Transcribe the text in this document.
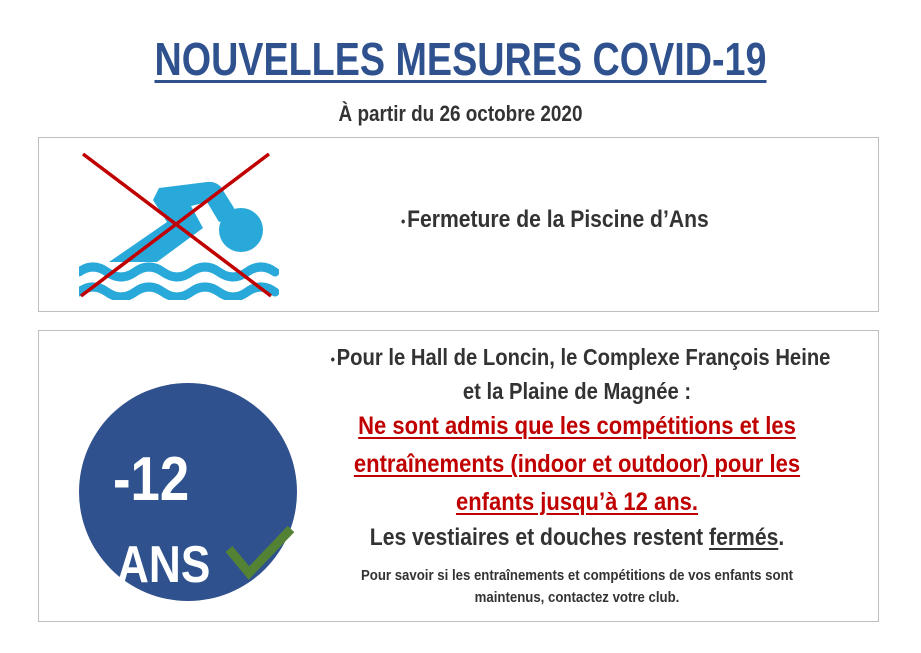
NOUVELLES MESURES COVID-19
À partir du 26 octobre 2020
•Fermeture de la Piscine d’Ans
-12
ANS
•Pour le Hall de Loncin, le Complexe François Heine
et la Plaine de Magnée :
Ne sont admis que les compétitions et les
entraînements (indoor et outdoor) pour les
enfants jusqu’à 12 ans.
Les vestiaires et douches restent fermés.
Pour savoir si les entraînements et compétitions de vos enfants sont
maintenus, contactez votre club.
